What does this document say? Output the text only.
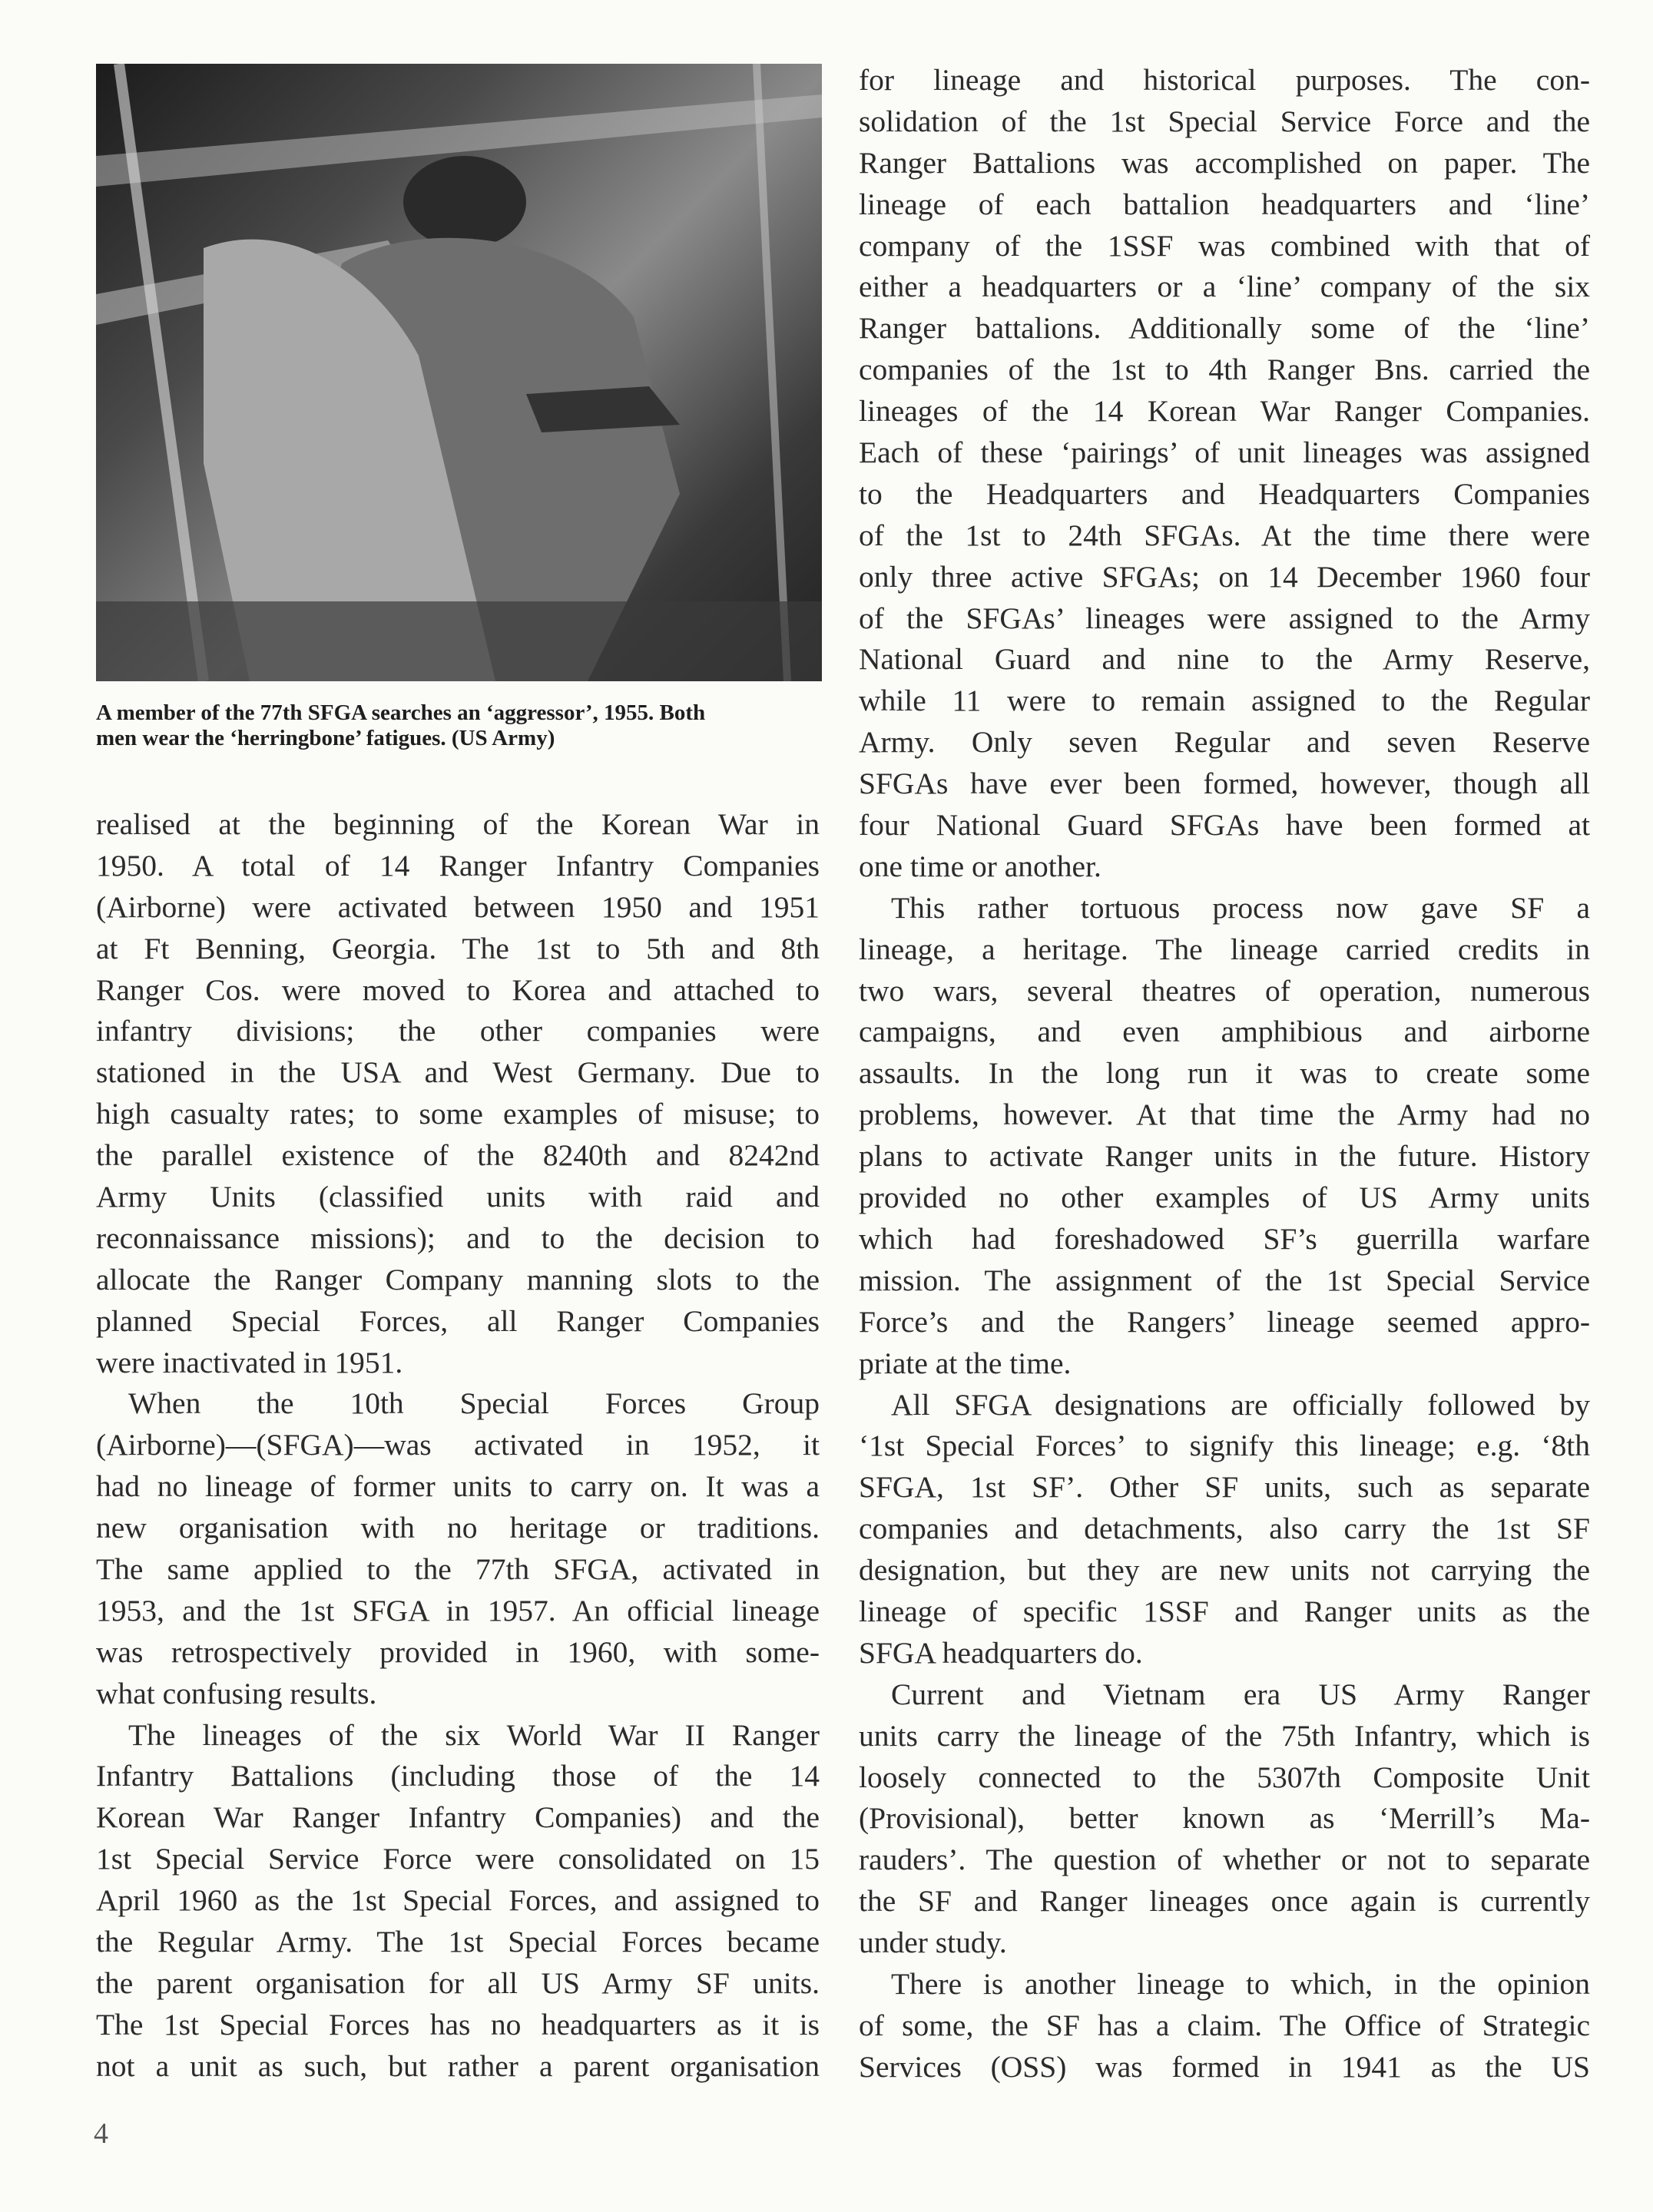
A member of the 77th SFGA searches an ‘aggressor’, 1955. Both
men wear the ‘herringbone’ fatigues. (US Army)
realised at the beginning of the Korean War in
1950. A total of 14 Ranger Infantry Companies
(Airborne) were activated between 1950 and 1951
at Ft Benning, Georgia. The 1st to 5th and 8th
Ranger Cos. were moved to Korea and attached to
infantry divisions; the other companies were
stationed in the USA and West Germany. Due to
high casualty rates; to some examples of misuse; to
the parallel existence of the 8240th and 8242nd
Army Units (classified units with raid and
reconnaissance missions); and to the decision to
allocate the Ranger Company manning slots to the
planned Special Forces, all Ranger Companies
were inactivated in 1951.
When the 10th Special Forces Group
(Airborne)—(SFGA)—was activated in 1952, it
had no lineage of former units to carry on. It was a
new organisation with no heritage or traditions.
The same applied to the 77th SFGA, activated in
1953, and the 1st SFGA in 1957. An official lineage
was retrospectively provided in 1960, with some-
what confusing results.
The lineages of the six World War II Ranger
Infantry Battalions (including those of the 14
Korean War Ranger Infantry Companies) and the
1st Special Service Force were consolidated on 15
April 1960 as the 1st Special Forces, and assigned to
the Regular Army. The 1st Special Forces became
the parent organisation for all US Army SF units.
The 1st Special Forces has no headquarters as it is
not a unit as such, but rather a parent organisation
for lineage and historical purposes. The con-
solidation of the 1st Special Service Force and the
Ranger Battalions was accomplished on paper. The
lineage of each battalion headquarters and ‘line’
company of the 1SSF was combined with that of
either a headquarters or a ‘line’ company of the six
Ranger battalions. Additionally some of the ‘line’
companies of the 1st to 4th Ranger Bns. carried the
lineages of the 14 Korean War Ranger Companies.
Each of these ‘pairings’ of unit lineages was assigned
to the Headquarters and Headquarters Companies
of the 1st to 24th SFGAs. At the time there were
only three active SFGAs; on 14 December 1960 four
of the SFGAs’ lineages were assigned to the Army
National Guard and nine to the Army Reserve,
while 11 were to remain assigned to the Regular
Army. Only seven Regular and seven Reserve
SFGAs have ever been formed, however, though all
four National Guard SFGAs have been formed at
one time or another.
This rather tortuous process now gave SF a
lineage, a heritage. The lineage carried credits in
two wars, several theatres of operation, numerous
campaigns, and even amphibious and airborne
assaults. In the long run it was to create some
problems, however. At that time the Army had no
plans to activate Ranger units in the future. History
provided no other examples of US Army units
which had foreshadowed SF’s guerrilla warfare
mission. The assignment of the 1st Special Service
Force’s and the Rangers’ lineage seemed appro-
priate at the time.
All SFGA designations are officially followed by
‘1st Special Forces’ to signify this lineage; e.g. ‘8th
SFGA, 1st SF’. Other SF units, such as separate
companies and detachments, also carry the 1st SF
designation, but they are new units not carrying the
lineage of specific 1SSF and Ranger units as the
SFGA headquarters do.
Current and Vietnam era US Army Ranger
units carry the lineage of the 75th Infantry, which is
loosely connected to the 5307th Composite Unit
(Provisional), better known as ‘Merrill’s Ma-
rauders’. The question of whether or not to separate
the SF and Ranger lineages once again is currently
under study.
There is another lineage to which, in the opinion
of some, the SF has a claim. The Office of Strategic
Services (OSS) was formed in 1941 as the US
4
